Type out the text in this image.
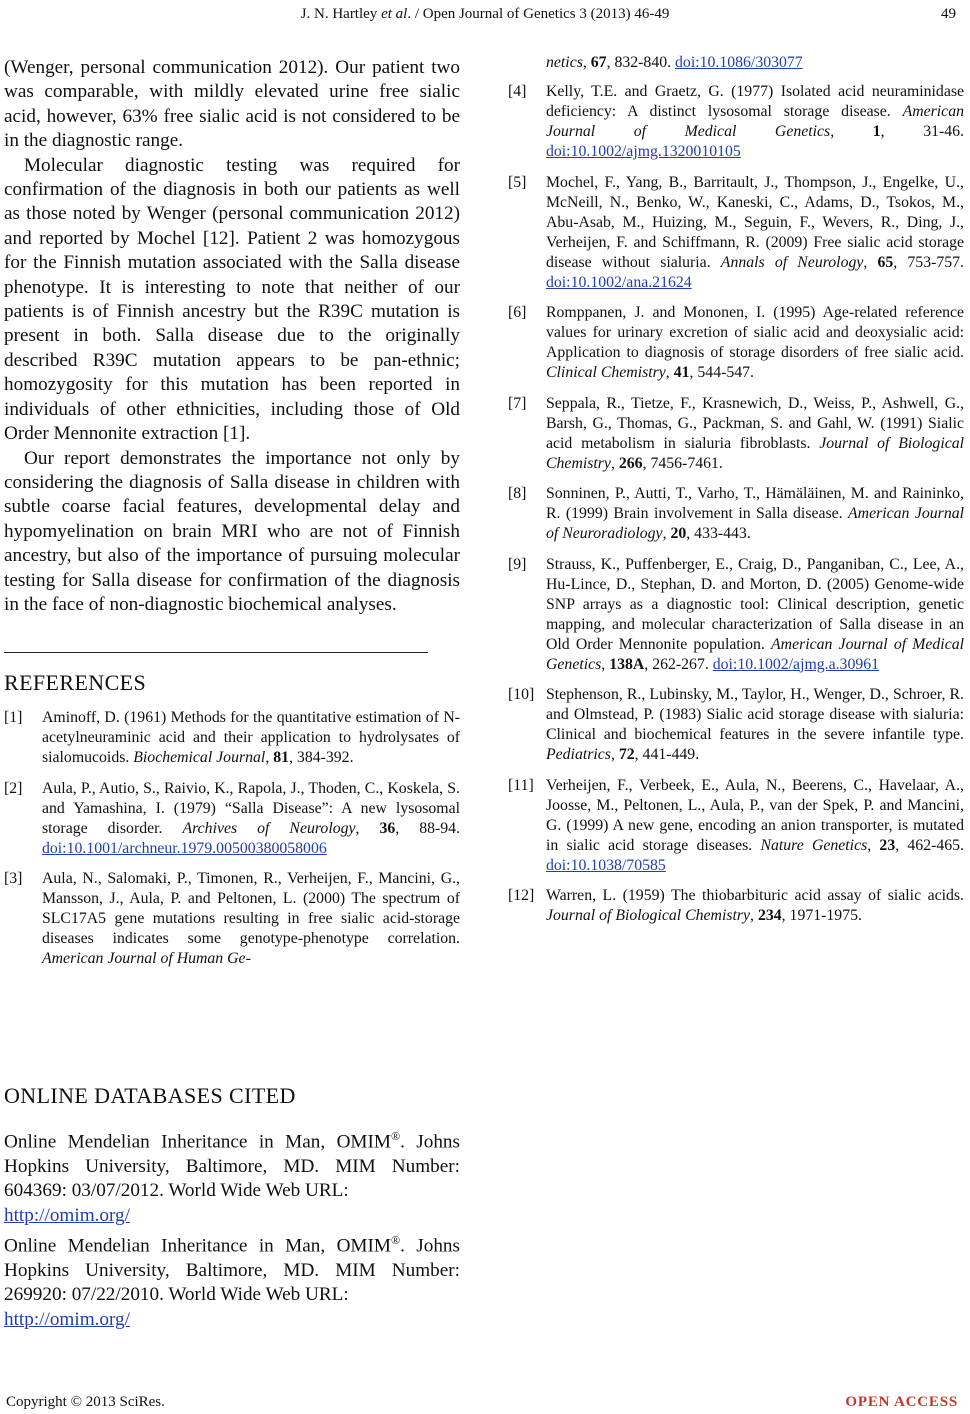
J. N. Hartley et al. / Open Journal of Genetics 3 (2013) 46-49	49

(Wenger, personal communication 2012). Our patient two was comparable, with mildly elevated urine free sialic acid, however, 63% free sialic acid is not considered to be in the diagnostic range.

Molecular diagnostic testing was required for confirmation of the diagnosis in both our patients as well as those noted by Wenger (personal communication 2012) and reported by Mochel [12]. Patient 2 was homozygous for the Finnish mutation associated with the Salla disease phenotype. It is interesting to note that neither of our patients is of Finnish ancestry but the R39C mutation is present in both. Salla disease due to the originally described R39C mutation appears to be pan-ethnic; homozygosity for this mutation has been reported in individuals of other ethnicities, including those of Old Order Mennonite extraction [1].

Our report demonstrates the importance not only by considering the diagnosis of Salla disease in children with subtle coarse facial features, developmental delay and hypomyelination on brain MRI who are not of Finnish ancestry, but also of the importance of pursuing molecular testing for Salla disease for confirmation of the diagnosis in the face of non-diagnostic biochemical analyses.

REFERENCES

[1] Aminoff, D. (1961) Methods for the quantitative estimation of N-acetylneuraminic acid and their application to hydrolysates of sialomucoids. Biochemical Journal, 81, 384-392.

[2] Aula, P., Autio, S., Raivio, K., Rapola, J., Thoden, C., Koskela, S. and Yamashina, I. (1979) “Salla Disease”: A new lysosomal storage disorder. Archives of Neurology, 36, 88-94. doi:10.1001/archneur.1979.00500380058006

[3] Aula, N., Salomaki, P., Timonen, R., Verheijen, F., Mancini, G., Mansson, J., Aula, P. and Peltonen, L. (2000) The spectrum of SLC17A5 gene mutations resulting in free sialic acid-storage diseases indicates some genotype-phenotype correlation. American Journal of Human Ge-

[4] Kelly, T.E. and Graetz, G. (1977) Isolated acid neuraminidase deficiency: A distinct lysosomal storage disease. American Journal of Medical Genetics, 1, 31-46. doi:10.1002/ajmg.1320010105

[5] Mochel, F., Yang, B., Barritault, J., Thompson, J., Engelke, U., McNeill, N., Benko, W., Kaneski, C., Adams, D., Tsokos, M., Abu-Asab, M., Huizing, M., Seguin, F., Wevers, R., Ding, J., Verheijen, F. and Schiffmann, R. (2009) Free sialic acid storage disease without sialuria. Annals of Neurology, 65, 753-757. doi:10.1002/ana.21624

[6] Romppanen, J. and Mononen, I. (1995) Age-related reference values for urinary excretion of sialic acid and deoxysialic acid: Application to diagnosis of storage disorders of free sialic acid. Clinical Chemistry, 41, 544-547.

[7] Seppala, R., Tietze, F., Krasnewich, D., Weiss, P., Ashwell, G., Barsh, G., Thomas, G., Packman, S. and Gahl, W. (1991) Sialic acid metabolism in sialuria fibroblasts. Journal of Biological Chemistry, 266, 7456-7461.

[8] Sonninen, P., Autti, T., Varho, T., Hämäläinen, M. and Raininko, R. (1999) Brain involvement in Salla disease. American Journal of Neuroradiology, 20, 433-443.

[9] Strauss, K., Puffenberger, E., Craig, D., Panganiban, C., Lee, A., Hu-Lince, D., Stephan, D. and Morton, D. (2005) Genome-wide SNP arrays as a diagnostic tool: Clinical description, genetic mapping, and molecular characterization of Salla disease in an Old Order Mennonite population. American Journal of Medical Genetics, 138A, 262-267. doi:10.1002/ajmg.a.30961

[10] Stephenson, R., Lubinsky, M., Taylor, H., Wenger, D., Schroer, R. and Olmstead, P. (1983) Sialic acid storage disease with sialuria: Clinical and biochemical features in the severe infantile type. Pediatrics, 72, 441-449.

[11] Verheijen, F., Verbeek, E., Aula, N., Beerens, C., Havelaar, A., Joosse, M., Peltonen, L., Aula, P., van der Spek, P. and Mancini, G. (1999) A new gene, encoding an anion transporter, is mutated in sialic acid storage diseases. Nature Genetics, 23, 462-465. doi:10.1038/70585

[12] Warren, L. (1959) The thiobarbituric acid assay of sialic acids. Journal of Biological Chemistry, 234, 1971-1975.

netics, 67, 832-840. doi:10.1086/303077

ONLINE DATABASES CITED

Online Mendelian Inheritance in Man, OMIM®. Johns Hopkins University, Baltimore, MD. MIM Number: 604369: 03/07/2012. World Wide Web URL:
http://omim.org/

Online Mendelian Inheritance in Man, OMIM®. Johns Hopkins University, Baltimore, MD. MIM Number: 269920: 07/22/2010. World Wide Web URL:
http://omim.org/

Copyright © 2013 SciRes.	OPEN ACCESS
